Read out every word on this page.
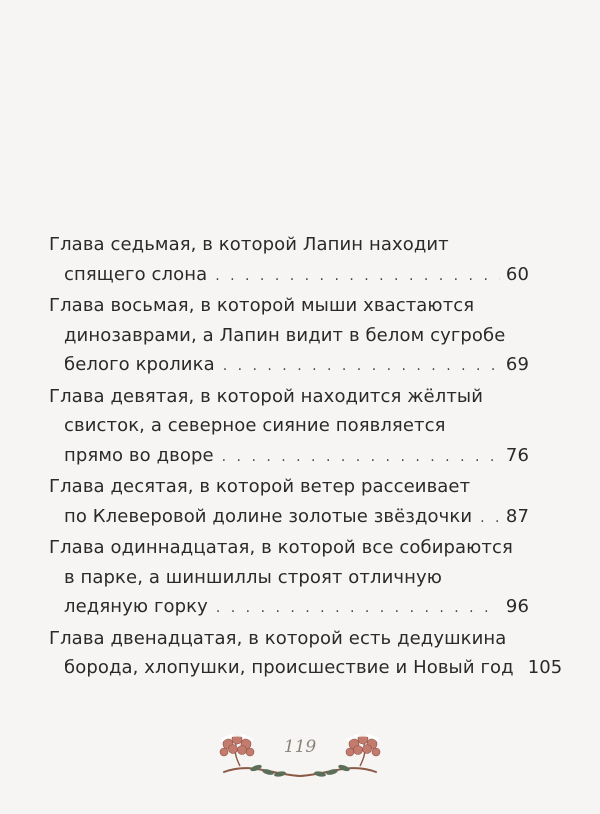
Глава седьмая, в которой Лапин находит
спящего слона . . .	60
Глава восьмая, в которой мыши хвастаются
динозаврами, а Лапин видит в белом сугробе
белого кролика . . .	69
Глава девятая, в которой находится жёлтый
свисток, а северное сияние появляется
прямо во дворе . . .	76
Глава десятая, в которой ветер рассеивает
по Клеверовой долине золотые звёздочки . . . 87
Глава одиннадцатая, в которой все собираются
в парке, а шиншиллы строят отличную
ледяную горку . . .	96
Глава двенадцатая, в которой есть дедушкина
борода, хлопушки, происшествие и Новый год 105
119
